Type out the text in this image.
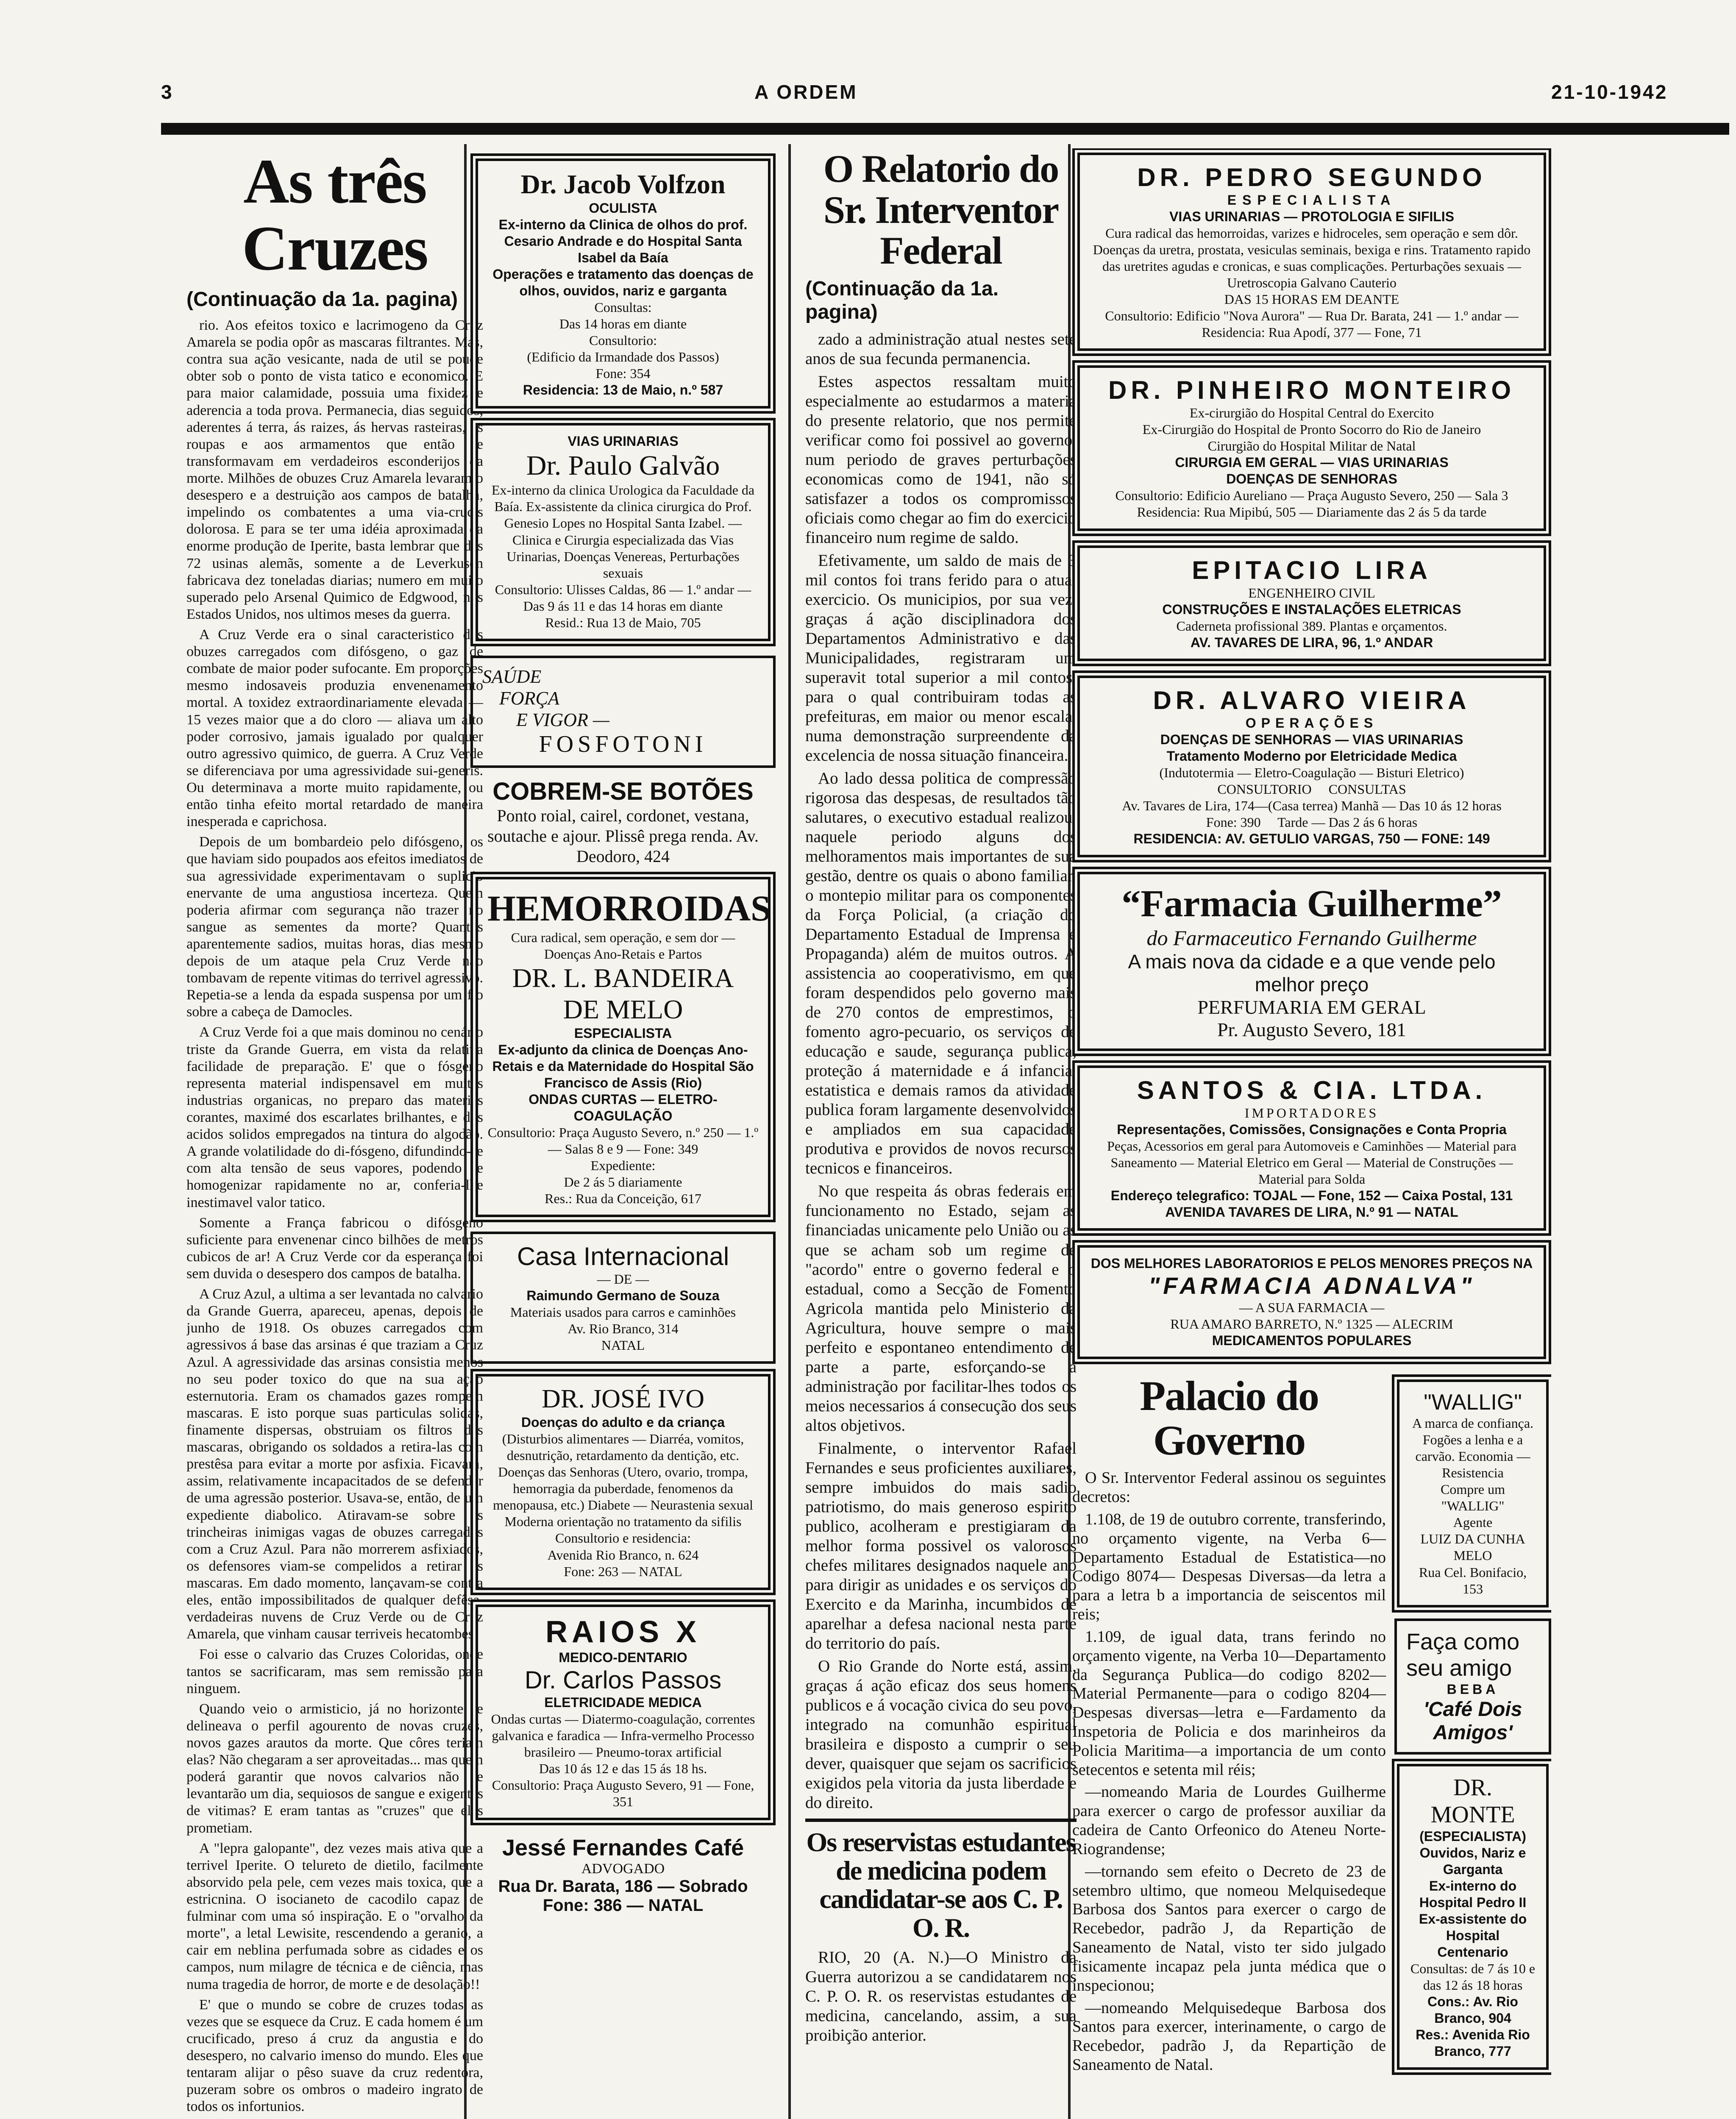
3	A ORDEM	21-10-1942
As três Cruzes
(Continuação da 1a. pagina)

rio. Aos efeitos toxico e lacrimogeno da Cruz Amarela se podia opôr as mascaras filtrantes. Mas, contra sua ação vesicante, nada de util se poude obter sob o ponto de vista tatico e economico. E para maior calamidade, possuia uma fixidez e aderencia a toda prova. Permanecia, dias seguidos, aderentes á terra, ás raizes, ás hervas rasteiras, ás roupas e aos armamentos que então se transformavam em verdadeiros esconderijos da morte. Milhões de obuzes Cruz Amarela levaram o desespero e a destruição aos campos de batalha, impelindo os combatentes a uma via-crucis dolorosa. E para se ter uma idéia aproximada da enorme produção de Iperite, basta lembrar que das 72 usinas alemãs, somente a de Leverkusen fabricava dez toneladas diarias; numero em muito superado pelo Arsenal Quimico de Edgwood, nos Estados Unidos, nos ultimos meses da guerra.

A Cruz Verde era o sinal caracteristico dos obuzes carregados com difósgeno, o gaz de combate de maior poder sufocante. Em proporções mesmo indosaveis produzia envenenamento mortal. A toxidez extraordinariamente elevada — 15 vezes maior que a do cloro — aliava um alto poder corrosivo, jamais igualado por qualquer outro agressivo quimico, de guerra. A Cruz Verde se diferenciava por uma agressividade sui-generis. Ou determinava a morte muito rapidamente, ou então tinha efeito mortal retardado de maneira inesperada e caprichosa.

Depois de um bombardeio pelo difósgeno, os que haviam sido poupados aos efeitos imediatos de sua agressividade experimentavam o suplicio enervante de uma angustiosa incerteza. Quem poderia afirmar com segurança não trazer no sangue as sementes da morte? Quantos aparentemente sadios, muitas horas, dias mesmo depois de um ataque pela Cruz Verde não tombavam de repente vitimas do terrivel agressivo. Repetia-se a lenda da espada suspensa por um fio sobre a cabeça de Damocles.

A Cruz Verde foi a que mais dominou no cenário triste da Grande Guerra, em vista da relativa facilidade de preparação. E' que o fósgeno representa material indispensavel em muitas industrias organicas, no preparo das materias corantes, maximé dos escarlates brilhantes, e dos acidos solidos empregados na tintura do algodão. A grande volatilidade do di-fósgeno, difundindo-se com alta tensão de seus vapores, podendo se homogenizar rapidamente no ar, conferia-lhe inestimavel valor tatico.

Somente a França fabricou o difósgeno suficiente para envenenar cinco bilhões de metros cubicos de ar! A Cruz Verde cor da esperança foi sem duvida o desespero dos campos de batalha.

A Cruz Azul, a ultima a ser levantada no calvario da Grande Guerra, apareceu, apenas, depois de junho de 1918. Os obuzes carregados com agressivos á base das arsinas é que traziam a Cruz Azul. A agressividade das arsinas consistia menos no seu poder toxico do que na sua ação esternutoria. Eram os chamados gazes rompem mascaras. E isto porque suas particulas solidas, finamente dispersas, obstruiam os filtros das mascaras, obrigando os soldados a retira-las com prestêsa para evitar a morte por asfixia. Ficavam, assim, relativamente incapacitados de se defender de uma agressão posterior. Usava-se, então, de um expediente diabolico. Atiravam-se sobre as trincheiras inimigas vagas de obuzes carregados com a Cruz Azul. Para não morrerem asfixiados, os defensores viam-se compelidos a retirar as mascaras. Em dado momento, lançavam-se contra eles, então impossibilitados de qualquer defêsa, verdadeiras nuvens de Cruz Verde ou de Cruz Amarela, que vinham causar terriveis hecatombes.

Foi esse o calvario das Cruzes Coloridas, onde tantos se sacrificaram, mas sem remissão para ninguem.

Quando veio o armisticio, já no horizonte se delineava o perfil agourento de novas cruzes, novos gazes arautos da morte. Que côres teriam elas? Não chegaram a ser aproveitadas... mas quem poderá garantir que novos calvarios não se levantarão um dia, sequiosos de sangue e exigentes de vitimas? E eram tantas as "cruzes" que eles prometiam.

A "lepra galopante", dez vezes mais ativa que a terrivel Iperite. O telureto de dietilo, facilmente absorvido pela pele, cem vezes mais toxica, que a estricnina. O isocianeto de cacodilo capaz de fulminar com uma só inspiração. E o "orvalho da morte", a letal Lewisite, rescendendo a geranio, a cair em neblina perfumada sobre as cidades e os campos, num milagre de técnica e de ciência, mas numa tragedia de horror, de morte e de desolação!!

E' que o mundo se cobre de cruzes todas as vezes que se esquece da Cruz. E cada homem é um crucificado, preso á cruz da angustia e do desespero, no calvario imenso do mundo. Eles que tentaram alijar o pêso suave da cruz redentora, puzeram sobre os ombros o madeiro ingrato de todos os infortunios.

Dr. Jacob Volfzon
OCULISTA
Ex-interno da Clinica de olhos do prof. Cesario Andrade e do Hospital Santa Isabel da Baía
Operações e tratamento das doenças de olhos, ouvidos, nariz e garganta
Consultas:
Das 14 horas em diante
Consultorio:
(Edificio da Irmandade dos Passos)
Fone: 354
Residencia: 13 de Maio, n.º 587
VIAS URINARIAS
Dr. Paulo Galvão
Ex-interno da clinica Urologica da Faculdade da Baía. Ex-assistente da clinica cirurgica do Prof. Genesio Lopes no Hospital Santa Izabel. — Clinica e Cirurgia especializada das Vias Urinarias, Doenças Venereas, Perturbações sexuais
Consultorio: Ulisses Caldas, 86 — 1.º andar — Das 9 ás 11 e das 14 horas em diante
Resid.: Rua 13 de Maio, 705
SAÚDE
FORÇA
E VIGOR —
FOSFOTONI
COBREM-SE BOTÕES
Ponto roial, cairel, cordonet, vestana, soutache e ajour. Plissê prega renda. Av. Deodoro, 424
HEMORROIDAS
Cura radical, sem operação, e sem dor — Doenças Ano-Retais e Partos
DR. L. BANDEIRA
DE MELO
ESPECIALISTA
Ex-adjunto da clinica de Doenças Ano-Retais e da Maternidade do Hospital São Francisco de Assis (Rio)
ONDAS CURTAS — ELETRO-COAGULAÇÃO
Consultorio: Praça Augusto Severo, n.º 250 — 1.º — Salas 8 e 9 — Fone: 349
Expediente:
De 2 ás 5 diariamente
Res.: Rua da Conceição, 617
Casa Internacional
— DE —
Raimundo Germano de Souza
Materiais usados para carros e caminhões
Av. Rio Branco, 314
NATAL
DR. JOSÉ IVO
Doenças do adulto e da criança
(Disturbios alimentares — Diarréa, vomitos, desnutrição, retardamento da dentição, etc. Doenças das Senhoras (Utero, ovario, trompa, hemorragia da puberdade, fenomenos da menopausa, etc.) Diabete — Neurastenia sexual
Moderna orientação no tratamento da sifilis
Consultorio e residencia:
Avenida Rio Branco, n. 624
Fone: 263 — NATAL
RAIOS X
MEDICO-DENTARIO
Dr. Carlos Passos
ELETRICIDADE MEDICA
Ondas curtas — Diatermo-coagulação, correntes galvanica e faradica — Infra-vermelho Processo brasileiro — Pneumo-torax artificial
Das 10 ás 12 e das 15 ás 18 hs.
Consultorio: Praça Augusto Severo, 91 — Fone, 351
Jessé Fernandes Café
ADVOGADO
Rua Dr. Barata, 186 — Sobrado
Fone: 386 — NATAL
O Relatorio do Sr. Interventor Federal
(Continuação da 1a. pagina)

zado a administração atual nestes sete anos de sua fecunda permanencia.

Estes aspectos ressaltam muito especialmente ao estudarmos a materia do presente relatorio, que nos permite verificar como foi possivel ao governo, num periodo de graves perturbações economicas como de 1941, não só satisfazer a todos os compromissos oficiais como chegar ao fim do exercicio financeiro num regime de saldo.

Efetivamente, um saldo de mais de 3 mil contos foi trans ferido para o atual exercicio. Os municipios, por sua vez, graças á ação disciplinadora dos Departamentos Administrativo e das Municipalidades, registraram um superavit total superior a mil contos, para o qual contribuiram todas as prefeituras, em maior ou menor escala, numa demonstração surpreendente da excelencia de nossa situação financeira.

Ao lado dessa politica de compressão rigorosa das despesas, de resultados tão salutares, o executivo estadual realizou, naquele periodo alguns dos melhoramentos mais importantes de sua gestão, dentre os quais o abono familiar, o montepio militar para os componentes da Força Policial, (a criação do Departamento Estadual de Imprensa e Propaganda) além de muitos outros. A assistencia ao cooperativismo, em que foram despendidos pelo governo mais de 270 contos de emprestimos, o fomento agro-pecuario, os serviços de educação e saude, segurança publica, proteção á maternidade e á infancia, estatistica e demais ramos da atividade publica foram largamente desenvolvidos e ampliados em sua capacidade produtiva e providos de novos recursos tecnicos e financeiros.

No que respeita ás obras federais em funcionamento no Estado, sejam as financiadas unicamente pelo União ou as que se acham sob um regime de "acordo" entre o governo federal e o estadual, como a Secção de Fomento Agricola mantida pelo Ministerio da Agricultura, houve sempre o mais perfeito e espontaneo entendimento de parte a parte, esforçando-se a administração por facilitar-lhes todos os meios necessarios á consecução dos seus altos objetivos.

Finalmente, o interventor Rafael Fernandes e seus proficientes auxiliares, sempre imbuidos do mais sadio patriotismo, do mais generoso espirito publico, acolheram e prestigiaram da melhor forma possivel os valorosos chefes militares designados naquele ano para dirigir as unidades e os serviços do Exercito e da Marinha, incumbidos de aparelhar a defesa nacional nesta parte do territorio do país.

O Rio Grande do Norte está, assim, graças á ação eficaz dos seus homens publicos e á vocação civica do seu povo, integrado na comunhão espiritual brasileira e disposto a cumprir o seu dever, quaisquer que sejam os sacrificios exigidos pela vitoria da justa liberdade e do direito.

Os reservistas estudantes de medicina podem candidatar-se aos C. P. O. R.

RIO, 20 (A. N.)—O Ministro da Guerra autorizou a se candidatarem nos C. P. O. R. os reservistas estudantes de medicina, cancelando, assim, a sua proibição anterior.

DR. PEDRO SEGUNDO
ESPECIALISTA
VIAS URINARIAS — PROTOLOGIA E SIFILIS
Cura radical das hemorroidas, varizes e hidroceles, sem operação e sem dôr. Doenças da uretra, prostata, vesiculas seminais, bexiga e rins. Tratamento rapido das uretrites agudas e cronicas, e suas complicações. Perturbações sexuais — Uretroscopia Galvano Cauterio
DAS 15 HORAS EM DEANTE
Consultorio: Edificio "Nova Aurora" — Rua Dr. Barata, 241 — 1.º andar — Residencia: Rua Apodí, 377 — Fone, 71
DR. PINHEIRO MONTEIRO
Ex-cirurgião do Hospital Central do Exercito
Ex-Cirurgião do Hospital de Pronto Socorro do Rio de Janeiro
Cirurgião do Hospital Militar de Natal
CIRURGIA EM GERAL — VIAS URINARIAS
DOENÇAS DE SENHORAS
Consultorio: Edificio Aureliano — Praça Augusto Severo, 250 — Sala 3
Residencia: Rua Mipibú, 505 — Diariamente das 2 ás 5 da tarde
EPITACIO LIRA
ENGENHEIRO CIVIL
CONSTRUÇÕES E INSTALAÇÕES ELETRICAS
Caderneta profissional 389. Plantas e orçamentos.
AV. TAVARES DE LIRA, 96, 1.º ANDAR
DR. ALVARO VIEIRA
OPERAÇÕES
DOENÇAS DE SENHORAS — VIAS URINARIAS
Tratamento Moderno por Eletricidade Medica
(Indutotermia — Eletro-Coagulação — Bisturi Eletrico)
CONSULTORIO CONSULTAS
Av. Tavares de Lira, 174—(Casa terrea) Manhã — Das 10 ás 12 horas
Fone: 390 Tarde — Das 2 ás 6 horas
RESIDENCIA: AV. GETULIO VARGAS, 750 — FONE: 149
“Farmacia Guilherme”
do Farmaceutico Fernando Guilherme
A mais nova da cidade e a que vende pelo
melhor preço
PERFUMARIA EM GERAL
Pr. Augusto Severo, 181
SANTOS & CIA. LTDA.
IMPORTADORES
Representações, Comissões, Consignações e Conta Propria
Peças, Acessorios em geral para Automoveis e Caminhões — Material para Saneamento — Material Eletrico em Geral — Material de Construções — Material para Solda
Endereço telegrafico: TOJAL — Fone, 152 — Caixa Postal, 131
AVENIDA TAVARES DE LIRA, N.º 91 — NATAL
DOS MELHORES LABORATORIOS E PELOS MENORES PREÇOS NA
"FARMACIA ADNALVA"
— A SUA FARMACIA —
RUA AMARO BARRETO, N.º 1325 — ALECRIM
MEDICAMENTOS POPULARES
Palacio do Governo

O Sr. Interventor Federal assinou os seguintes decretos:

1.108, de 19 de outubro corrente, transferindo, no orçamento vigente, na Verba 6— Departamento Estadual de Estatistica—no Codigo 8074— Despesas Diversas—da letra a para a letra b a importancia de seiscentos mil reis;

1.109, de igual data, trans ferindo no orçamento vigente, na Verba 10—Departamento da Segurança Publica—do codigo 8202—Material Permanente—para o codigo 8204—Despesas diversas—letra e—Fardamento da Inspetoria de Policia e dos marinheiros da Policia Maritima—a importancia de um conto setecentos e setenta mil réis;

—nomeando Maria de Lourdes Guilherme para exercer o cargo de professor auxiliar da cadeira de Canto Orfeonico do Ateneu Norte-Riograndense;

—tornando sem efeito o Decreto de 23 de setembro ultimo, que nomeou Melquisedeque Barbosa dos Santos para exercer o cargo de Recebedor, padrão J, da Repartição de Saneamento de Natal, visto ter sido julgado fisicamente incapaz pela junta médica que o inspecionou;

—nomeando Melquisedeque Barbosa dos Santos para exercer, interinamente, o cargo de Recebedor, padrão J, da Repartição de Saneamento de Natal.

"WALLIG"
A marca de confiança. Fogões a lenha e a carvão. Economia — Resistencia
Compre um "WALLIG"
Agente
LUIZ DA CUNHA MELO
Rua Cel. Bonifacio, 153
Faça como
seu amigo
BEBA
'Café Dois Amigos'
DR. MONTE
(ESPECIALISTA)
Ouvidos, Nariz e Garganta
Ex-interno do Hospital Pedro II Ex-assistente do Hospital Centenario
Consultas: de 7 ás 10 e das 12 ás 18 horas
Cons.: Av. Rio Branco, 904
Res.: Avenida Rio Branco, 777
